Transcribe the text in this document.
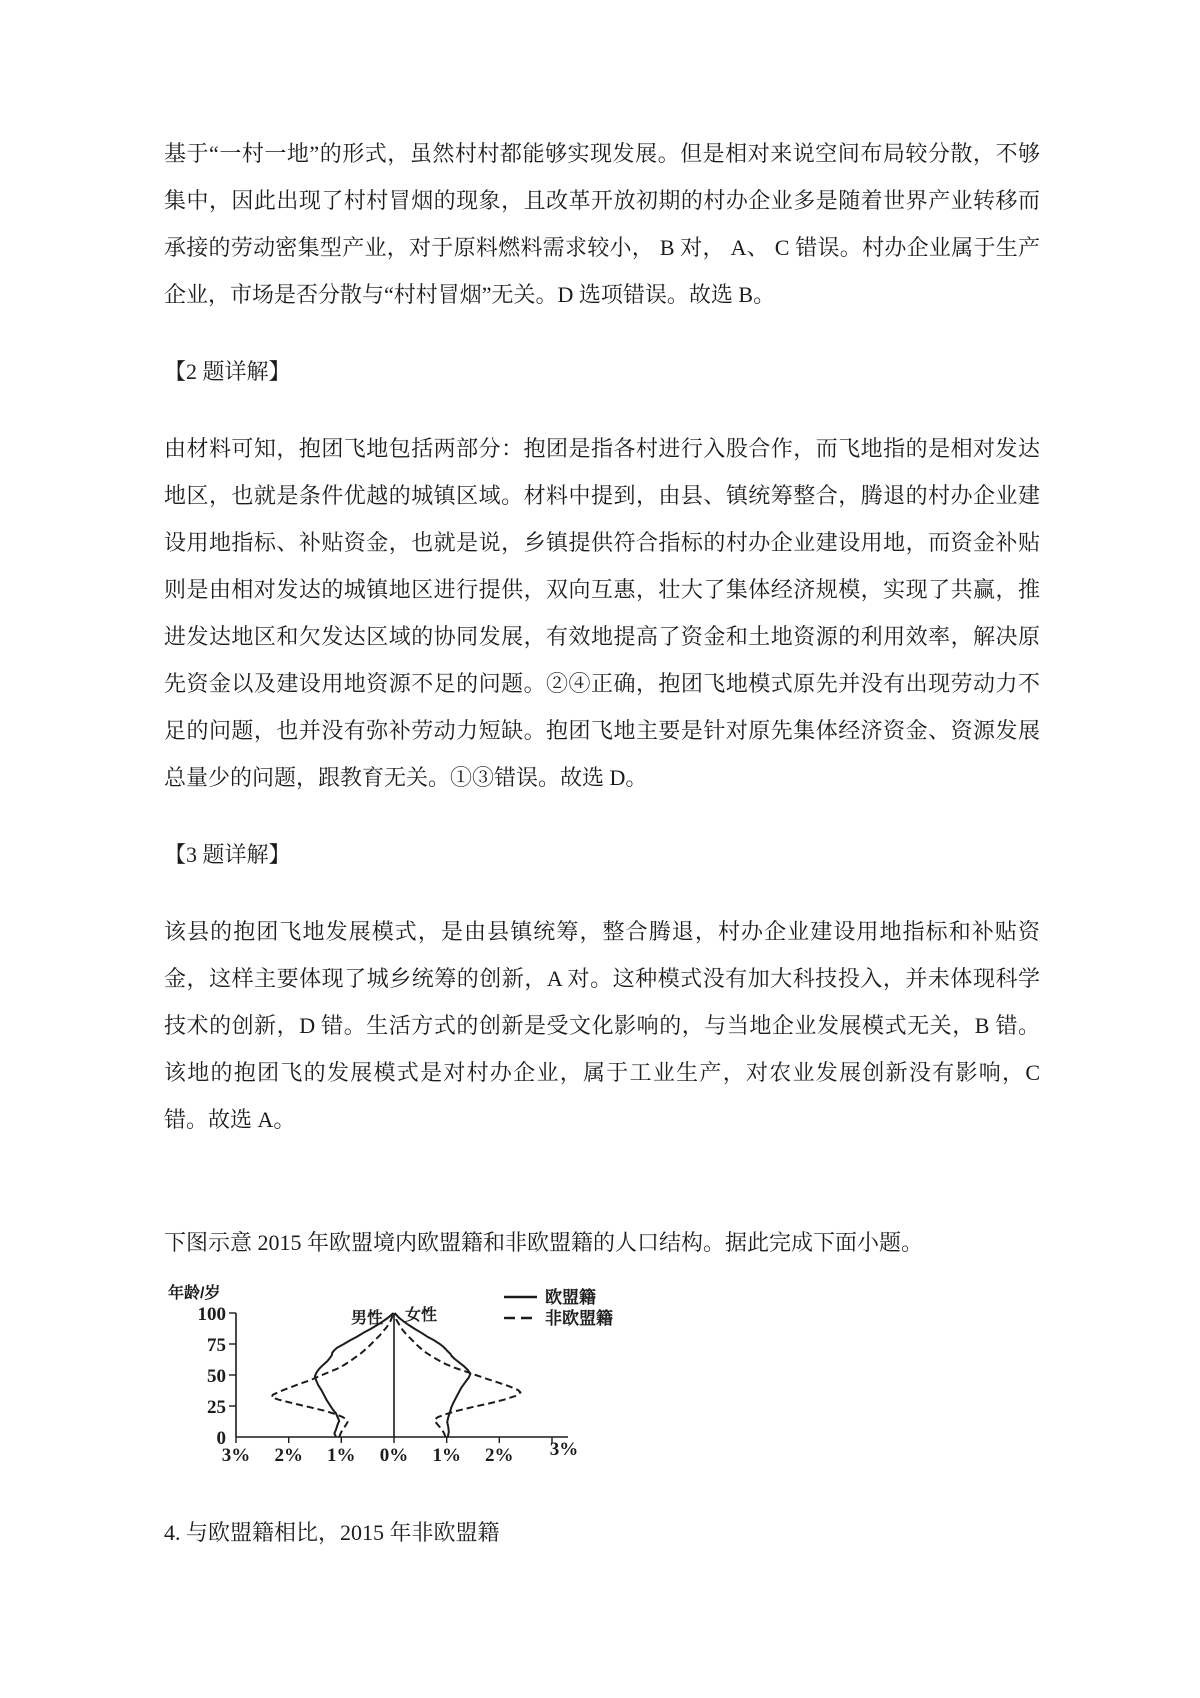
基于“一村一地”的形式，虽然村村都能够实现发展。但是相对来说空间布局较分散，不够集中，因此出现了村村冒烟的现象，且改革开放初期的村办企业多是随着世界产业转移而承接的劳动密集型产业，对于原料燃料需求较小， B 对， A、 C 错误。村办企业属于生产企业，市场是否分散与“村村冒烟”无关。D 选项错误。故选 B。

【2 题详解】

由材料可知，抱团飞地包括两部分：抱团是指各村进行入股合作，而飞地指的是相对发达地区，也就是条件优越的城镇区域。材料中提到，由县、镇统筹整合，腾退的村办企业建设用地指标、补贴资金，也就是说，乡镇提供符合指标的村办企业建设用地，而资金补贴则是由相对发达的城镇地区进行提供，双向互惠，壮大了集体经济规模，实现了共赢，推进发达地区和欠发达区域的协同发展，有效地提高了资金和土地资源的利用效率，解决原先资金以及建设用地资源不足的问题。②④正确，抱团飞地模式原先并没有出现劳动力不足的问题，也并没有弥补劳动力短缺。抱团飞地主要是针对原先集体经济资金、资源发展总量少的问题，跟教育无关。①③错误。故选 D。

【3 题详解】

该县的抱团飞地发展模式，是由县镇统筹，整合腾退，村办企业建设用地指标和补贴资金，这样主要体现了城乡统筹的创新，A 对。这种模式没有加大科技投入，并未体现科学技术的创新，D 错。生活方式的创新是受文化影响的，与当地企业发展模式无关，B 错。该地的抱团飞的发展模式是对村办企业，属于工业生产，对农业发展创新没有影响，C 错。故选 A。

下图示意 2015 年欧盟境内欧盟籍和非欧盟籍的人口结构。据此完成下面小题。

年龄/岁
100
75
50
25
0
3% 2% 1% 0% 1% 2% 3%
男性 女性
欧盟籍
非欧盟籍

4. 与欧盟籍相比，2015 年非欧盟籍
